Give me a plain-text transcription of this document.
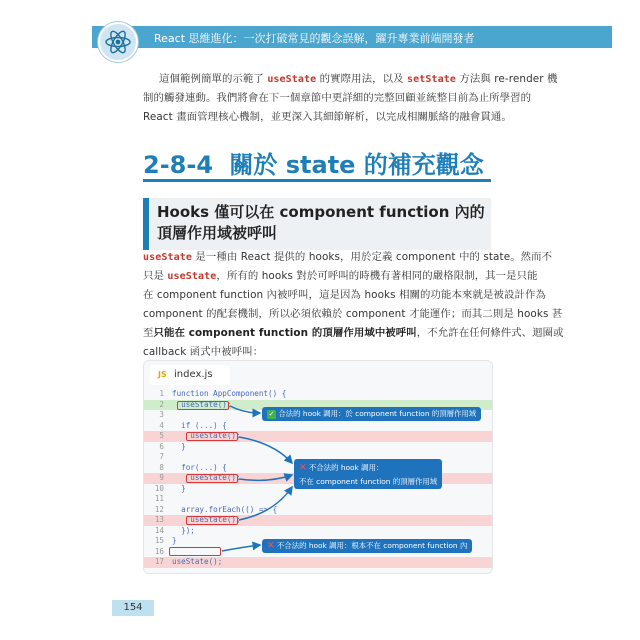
React 思維進化：一次打破常見的觀念誤解，躍升專業前端開發者
這個範例簡單的示範了 useState 的實際用法，以及 setState 方法與 re-render 機
制的觸發連動。我們將會在下一個章節中更詳細的完整回顧並統整目前為止所學習的
React 畫面管理核心機制，並更深入其細節解析，以完成相關脈絡的融會貫通。
2-8-4 關於 state 的補充觀念
Hooks 僅可以在 component function 內的頂層作用域被呼叫
useState 是一種由 React 提供的 hooks，用於定義 component 中的 state。然而不
只是 useState，所有的 hooks 對於可呼叫的時機有著相同的嚴格限制，其一是只能
在 component function 內被呼叫，這是因為 hooks 相關的功能本來就是被設計作為
component 的配套機制，所以必須依賴於 component 才能運作；而其二則是 hooks 甚
至只能在 component function 的頂層作用域中被呼叫，不允許在任何條件式、迴圈或
callback 函式中被呼叫：
JS index.js
1 function AppComponent() {
2 useState();
3
4 if (...) {
5 useState();
6 }
7
8 for(...) {
9 useState();
10 }
11
12 array.forEach(() => {
13 useState();
14 });
15 }
16
17 useState();
✓ 合法的 hook 調用：於 component function 的頂層作用域
✕ 不合法的 hook 調用：
不在 component function 的頂層作用域
✕ 不合法的 hook 調用：根本不在 component function 內
154
